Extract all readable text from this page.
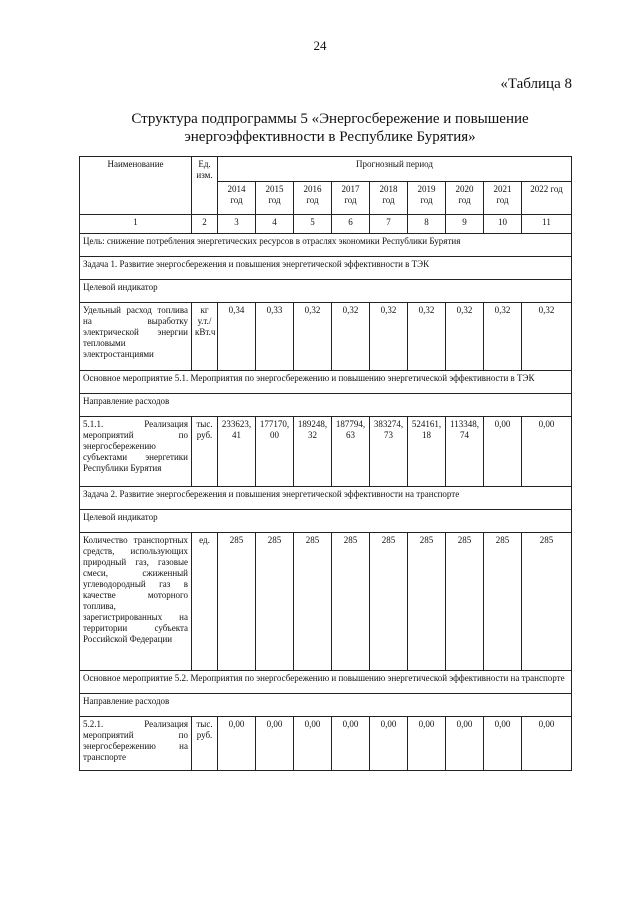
24
«Таблица 8
Структура подпрограммы 5 «Энергосбережение и повышение
энергоэффективности в Республике Бурятия»
Наименование	Ед. изм.	Прогнозный период								
		2014 год	2015 год	2016 год	2017 год	2018 год	2019 год	2020 год	2021 год	2022 год
1	2	3	4	5	6	7	8	9	10	11
Цель: снижение потребления энергетических ресурсов в отраслях экономики Республики Бурятия										
Задача 1. Развитие энергосбережения и повышения энергетической эффективности в ТЭК										
Целевой индикатор										
Удельный расход топлива на выработку электрической энергии тепловыми электростанциями	кг у.т./кВт.ч	0,34	0,33	0,32	0,32	0,32	0,32	0,32	0,32	0,32
Основное мероприятие 5.1. Мероприятия по энергосбережению и повышению энергетической эффективности в ТЭК										
Направление расходов										
5.1.1. Реализация мероприятий по энергосбережению субъектами энергетики Республики Бурятия	тыс. руб.	233623,41	177170,00	189248,32	187794,63	383274,73	524161,18	113348,74	0,00	0,00
Задача 2. Развитие энергосбережения и повышения энергетической эффективности на транспорте										
Целевой индикатор										
Количество транспортных средств, использующих природный газ, газовые смеси, сжиженный углеводородный газ в качестве моторного топлива, зарегистрированных на территории субъекта Российской Федерации	ед.	285	285	285	285	285	285	285	285	285
Основное мероприятие 5.2. Мероприятия по энергосбережению и повышению энергетической эффективности на транспорте										
Направление расходов										
5.2.1. Реализация мероприятий по энергосбережению на транспорте	тыс. руб.	0,00	0,00	0,00	0,00	0,00	0,00	0,00	0,00	0,00
